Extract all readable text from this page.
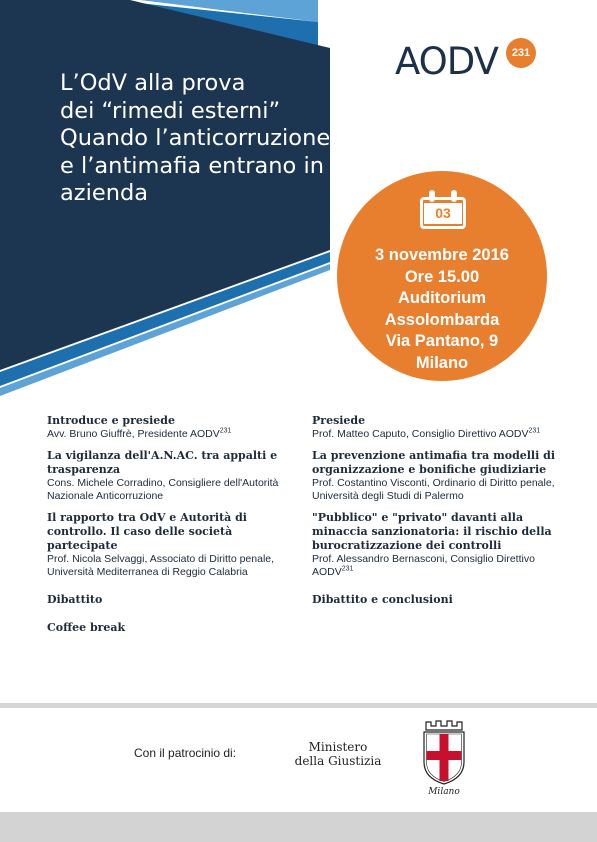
L’OdV alla prova
dei “rimedi esterni”
Quando l’anticorruzione
e l’antimafia entrano in
azienda
AODV	231
03
3 novembre 2016
Ore 15.00
Auditorium
Assolombarda
Via Pantano, 9
Milano
Introduce e presiede
Avv. Bruno Giuffrè, Presidente AODV$^{231}$
La vigilanza dell'A.N.AC. tra appalti e trasparenza
Cons. Michele Corradino, Consigliere dell'Autorità Nazionale Anticorruzione
Il rapporto tra OdV e Autorità di controllo. Il caso delle società partecipate
Prof. Nicola Selvaggi, Associato di Diritto penale, Università Mediterranea di Reggio Calabria
Dibattito
Coffee break
Presiede
Prof. Matteo Caputo, Consiglio Direttivo AODV$^{231}$
La prevenzione antimafia tra modelli di organizzazione e bonifiche giudiziarie
Prof. Costantino Visconti, Ordinario di Diritto penale, Università degli Studi di Palermo
"Pubblico" e "privato" davanti alla minaccia sanzionatoria: il rischio della burocratizzazione dei controlli
Prof. Alessandro Bernasconi, Consiglio Direttivo AODV$^{231}$
Dibattito e conclusioni
Con il patrocinio di:	Ministero
della Giustizia
Milano
